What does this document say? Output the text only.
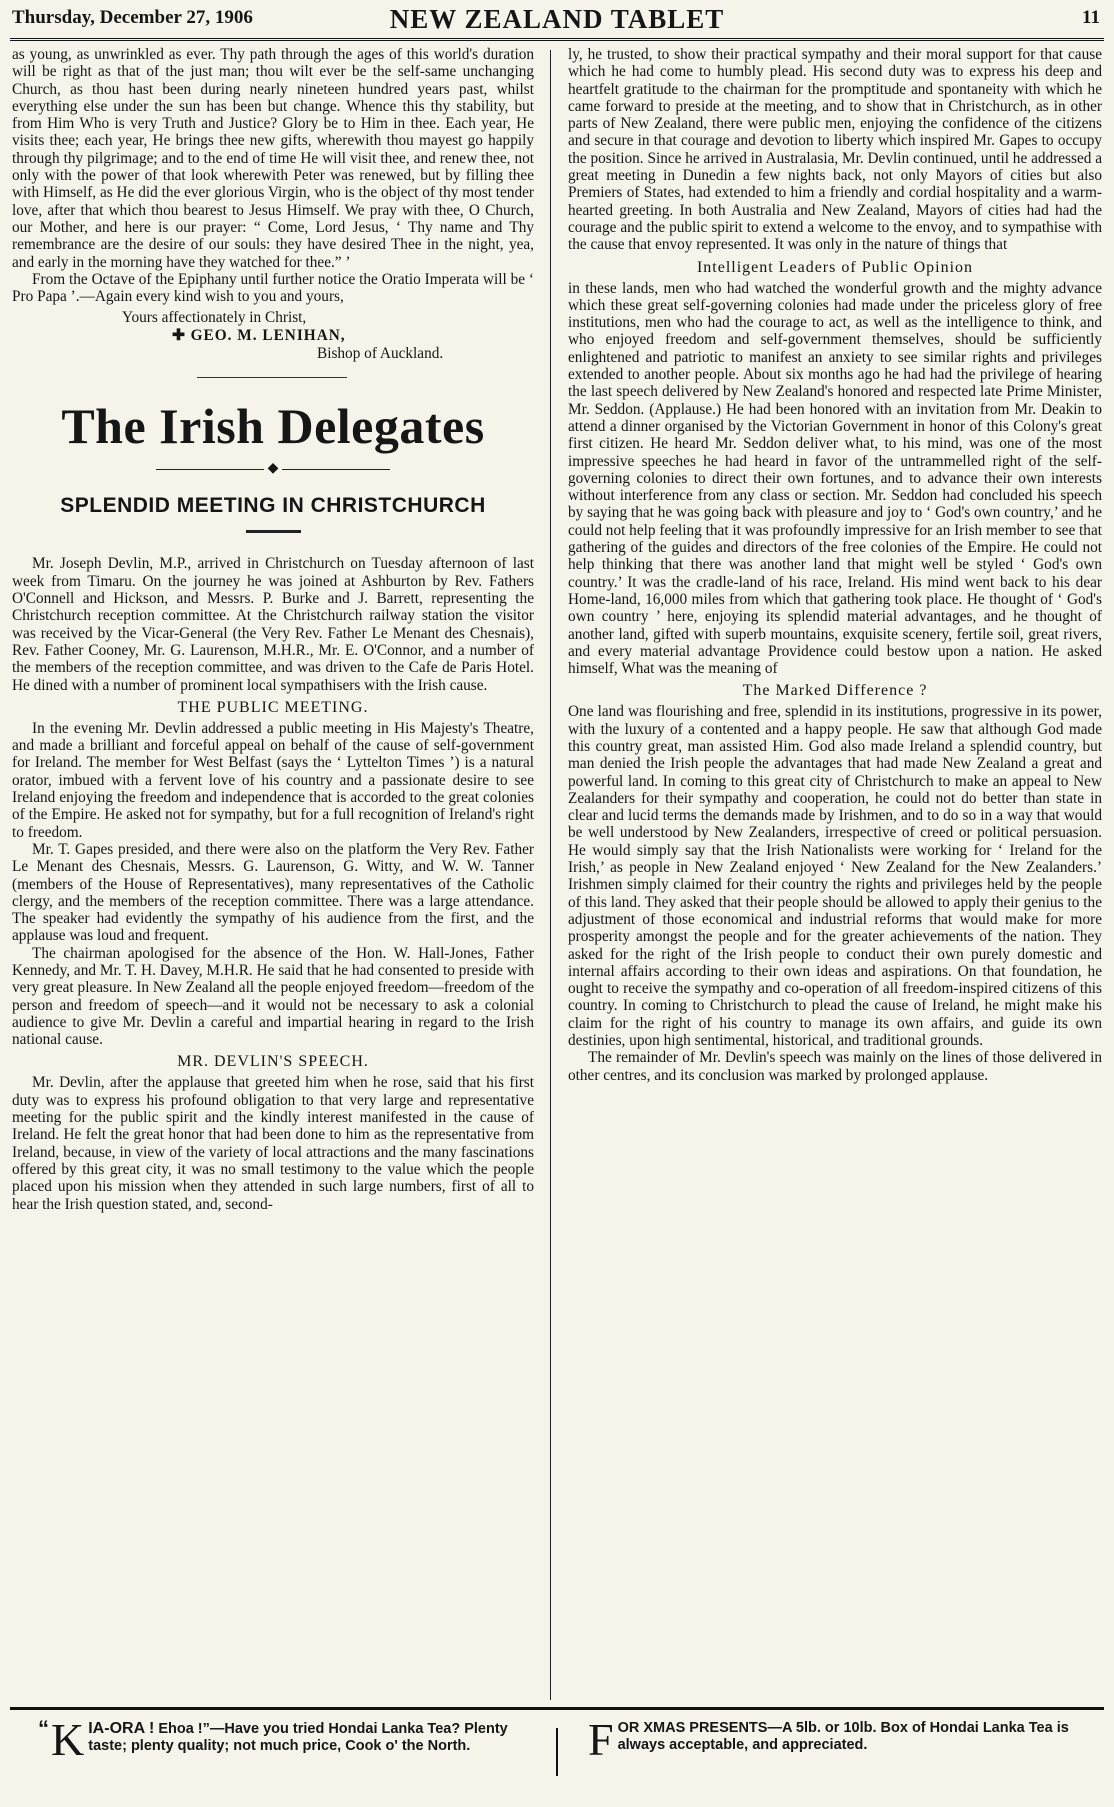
Thursday, December 27, 1906	NEW ZEALAND TABLET	11

as young, as unwrinkled as ever. Thy path through the ages of this world's duration will be right as that of the just man; thou wilt ever be the self-same unchanging Church, as thou hast been during nearly nineteen hundred years past, whilst everything else under the sun has been but change. Whence this thy stability, but from Him Who is very Truth and Justice? Glory be to Him in thee. Each year, He visits thee; each year, He brings thee new gifts, wherewith thou mayest go happily through thy pilgrimage; and to the end of time He will visit thee, and renew thee, not only with the power of that look wherewith Peter was renewed, but by filling thee with Himself, as He did the ever glorious Virgin, who is the object of thy most tender love, after that which thou bearest to Jesus Himself. We pray with thee, O Church, our Mother, and here is our prayer: “ Come, Lord Jesus, ‘ Thy name and Thy remembrance are the desire of our souls: they have desired Thee in the night, yea, and early in the morning have they watched for thee.” ’

From the Octave of the Epiphany until further notice the Oratio Imperata will be ‘ Pro Papa ’.—Again every kind wish to you and yours,

Yours affectionately in Christ,
✚ GEO. M. LENIHAN,
Bishop of Auckland.
The Irish Delegates
◆
SPLENDID MEETING IN CHRISTCHURCH

Mr. Joseph Devlin, M.P., arrived in Christchurch on Tuesday afternoon of last week from Timaru. On the journey he was joined at Ashburton by Rev. Fathers O'Connell and Hickson, and Messrs. P. Burke and J. Barrett, representing the Christchurch reception committee. At the Christchurch railway station the visitor was received by the Vicar-General (the Very Rev. Father Le Menant des Chesnais), Rev. Father Cooney, Mr. G. Laurenson, M.H.R., Mr. E. O'Connor, and a number of the members of the reception committee, and was driven to the Cafe de Paris Hotel. He dined with a number of prominent local sympathisers with the Irish cause.

THE PUBLIC MEETING.

In the evening Mr. Devlin addressed a public meeting in His Majesty's Theatre, and made a brilliant and forceful appeal on behalf of the cause of self-government for Ireland. The member for West Belfast (says the ‘ Lyttelton Times ’) is a natural orator, imbued with a fervent love of his country and a passionate desire to see Ireland enjoying the freedom and independence that is accorded to the great colonies of the Empire. He asked not for sympathy, but for a full recognition of Ireland's right to freedom.

Mr. T. Gapes presided, and there were also on the platform the Very Rev. Father Le Menant des Chesnais, Messrs. G. Laurenson, G. Witty, and W. W. Tanner (members of the House of Representatives), many representatives of the Catholic clergy, and the members of the reception committee. There was a large attendance. The speaker had evidently the sympathy of his audience from the first, and the applause was loud and frequent.

The chairman apologised for the absence of the Hon. W. Hall-Jones, Father Kennedy, and Mr. T. H. Davey, M.H.R. He said that he had consented to preside with very great pleasure. In New Zealand all the people enjoyed freedom—freedom of the person and freedom of speech—and it would not be necessary to ask a colonial audience to give Mr. Devlin a careful and impartial hearing in regard to the Irish national cause.

MR. DEVLIN'S SPEECH.

Mr. Devlin, after the applause that greeted him when he rose, said that his first duty was to express his profound obligation to that very large and representative meeting for the public spirit and the kindly interest manifested in the cause of Ireland. He felt the great honor that had been done to him as the representative from Ireland, because, in view of the variety of local attractions and the many fascinations offered by this great city, it was no small testimony to the value which the people placed upon his mission when they attended in such large numbers, first of all to hear the Irish question stated, and, second-

ly, he trusted, to show their practical sympathy and their moral support for that cause which he had come to humbly plead. His second duty was to express his deep and heartfelt gratitude to the chairman for the promptitude and spontaneity with which he came forward to preside at the meeting, and to show that in Christchurch, as in other parts of New Zealand, there were public men, enjoying the confidence of the citizens and secure in that courage and devotion to liberty which inspired Mr. Gapes to occupy the position. Since he arrived in Australasia, Mr. Devlin continued, until he addressed a great meeting in Dunedin a few nights back, not only Mayors of cities but also Premiers of States, had extended to him a friendly and cordial hospitality and a warm-hearted greeting. In both Australia and New Zealand, Mayors of cities had had the courage and the public spirit to extend a welcome to the envoy, and to sympathise with the cause that envoy represented. It was only in the nature of things that

Intelligent Leaders of Public Opinion

in these lands, men who had watched the wonderful growth and the mighty advance which these great self-governing colonies had made under the priceless glory of free institutions, men who had the courage to act, as well as the intelligence to think, and who enjoyed freedom and self-government themselves, should be sufficiently enlightened and patriotic to manifest an anxiety to see similar rights and privileges extended to another people. About six months ago he had had the privilege of hearing the last speech delivered by New Zealand's honored and respected late Prime Minister, Mr. Seddon. (Applause.) He had been honored with an invitation from Mr. Deakin to attend a dinner organised by the Victorian Government in honor of this Colony's great first citizen. He heard Mr. Seddon deliver what, to his mind, was one of the most impressive speeches he had heard in favor of the untrammelled right of the self-governing colonies to direct their own fortunes, and to advance their own interests without interference from any class or section. Mr. Seddon had concluded his speech by saying that he was going back with pleasure and joy to ‘ God's own country,’ and he could not help feeling that it was profoundly impressive for an Irish member to see that gathering of the guides and directors of the free colonies of the Empire. He could not help thinking that there was another land that might well be styled ‘ God's own country.’ It was the cradle-land of his race, Ireland. His mind went back to his dear Home-land, 16,000 miles from which that gathering took place. He thought of ‘ God's own country ’ here, enjoying its splendid material advantages, and he thought of another land, gifted with superb mountains, exquisite scenery, fertile soil, great rivers, and every material advantage Providence could bestow upon a nation. He asked himself, What was the meaning of

The Marked Difference ?

One land was flourishing and free, splendid in its institutions, progressive in its power, with the luxury of a contented and a happy people. He saw that although God made this country great, man assisted Him. God also made Ireland a splendid country, but man denied the Irish people the advantages that had made New Zealand a great and powerful land. In coming to this great city of Christchurch to make an appeal to New Zealanders for their sympathy and cooperation, he could not do better than state in clear and lucid terms the demands made by Irishmen, and to do so in a way that would be well understood by New Zealanders, irrespective of creed or political persuasion. He would simply say that the Irish Nationalists were working for ‘ Ireland for the Irish,’ as people in New Zealand enjoyed ‘ New Zealand for the New Zealanders.’ Irishmen simply claimed for their country the rights and privileges held by the people of this land. They asked that their people should be allowed to apply their genius to the adjustment of those economical and industrial reforms that would make for more prosperity amongst the people and for the greater achievements of the nation. They asked for the right of the Irish people to conduct their own purely domestic and internal affairs according to their own ideas and aspirations. On that foundation, he ought to receive the sympathy and co-operation of all freedom-inspired citizens of this country. In coming to Christchurch to plead the cause of Ireland, he might make his claim for the right of his country to manage its own affairs, and guide its own destinies, upon high sentimental, historical, and traditional grounds.

The remainder of Mr. Devlin's speech was mainly on the lines of those delivered in other centres, and its conclusion was marked by prolonged applause.

“ K IA-ORA ! Ehoa !”—Have you tried Hondai Lanka Tea? Plenty taste; plenty quality; not much price, Cook o' the North.	F OR XMAS PRESENTS—A 5lb. or 10lb. Box of Hondai Lanka Tea is always acceptable, and appreciated.
